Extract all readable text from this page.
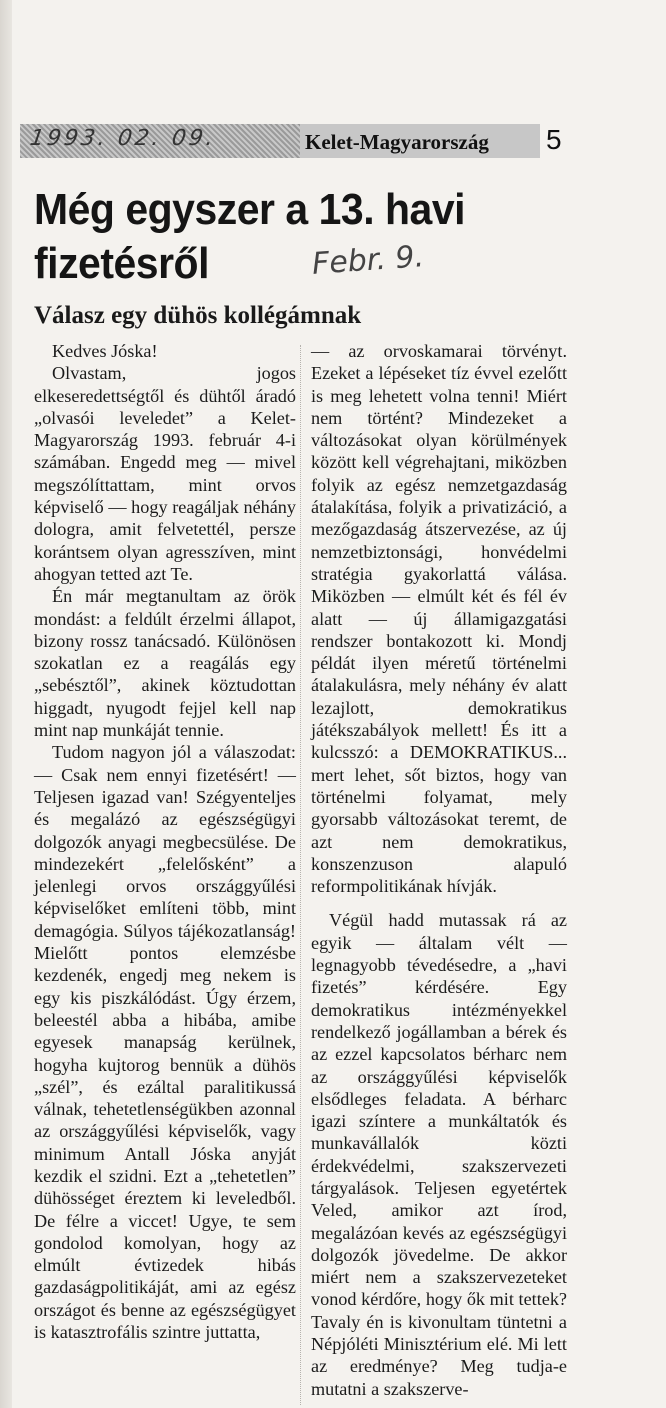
1993. 02. 09.	Kelet-Magyarország 5
Még egyszer a 13. havi
fizetésről	Febr. 9.
Válasz egy dühös kollégámnak

Kedves Jóska!

Olvastam, jogos elkeseredettségtől és dühtől áradó „olvasói leveledet” a Kelet-Magyarország 1993. február 4-i számában. Engedd meg — mivel megszólíttattam, mint orvos képviselő — hogy reagáljak néhány dologra, amit felvetettél, persze korántsem olyan agresszíven, mint ahogyan tetted azt Te.

Én már megtanultam az örök mondást: a feldúlt érzelmi állapot, bizony rossz tanácsadó. Különösen szokatlan ez a reagálás egy „sebésztől”, akinek köztudottan higgadt, nyugodt fejjel kell nap mint nap munkáját tennie.

Tudom nagyon jól a válaszodat: — Csak nem ennyi fizetésért! — Teljesen igazad van! Szégyenteljes és megalázó az egészségügyi dolgozók anyagi megbecsülése. De mindezekért „felelősként” a jelenlegi orvos országgyűlési képviselőket említeni több, mint demagógia. Súlyos tájékozatlanság! Mielőtt pontos elemzésbe kezdenék, engedj meg nekem is egy kis piszkálódást. Úgy érzem, beleestél abba a hibába, amibe egyesek manapság kerülnek, hogyha kujtorog bennük a dühös „szél”, és ezáltal paralitikussá válnak, tehetetlenségükben azonnal az országgyűlési képviselők, vagy minimum Antall Jóska anyját kezdik el szidni. Ezt a „tehetetlen” dühösséget éreztem ki leveledből. De félre a viccet! Ugye, te sem gondolod komolyan, hogy az elmúlt évtizedek hibás gazdaságpolitikáját, ami az egész országot és benne az egészségügyet is katasztrofális szintre juttatta,

— az orvoskamarai törvényt. Ezeket a lépéseket tíz évvel ezelőtt is meg lehetett volna tenni! Miért nem történt? Mindezeket a változásokat olyan körülmények között kell végrehajtani, miközben folyik az egész nemzetgazdaság átalakítása, folyik a privatizáció, a mezőgazdaság átszervezése, az új nemzetbiztonsági, honvédelmi stratégia gyakorlattá válása. Miközben — elmúlt két és fél év alatt — új államigazgatási rendszer bontakozott ki. Mondj példát ilyen méretű történelmi átalakulásra, mely néhány év alatt lezajlott, demokratikus játékszabályok mellett! És itt a kulcsszó: a DEMOKRATIKUS... mert lehet, sőt biztos, hogy van történelmi folyamat, mely gyorsabb változásokat teremt, de azt nem demokratikus, konszenzuson alapuló reformpolitikának hívják.

Végül hadd mutassak rá az egyik — általam vélt — legnagyobb tévedésedre, a „havi fizetés” kérdésére. Egy demokratikus intézményekkel rendelkező jogállamban a bérek és az ezzel kapcsolatos bérharc nem az országgyűlési képviselők elsődleges feladata. A bérharc igazi színtere a munkáltatók és munkavállalók közti érdekvédelmi, szakszervezeti tárgyalások. Teljesen egyetértek Veled, amikor azt írod, megalázóan kevés az egészségügyi dolgozók jövedelme. De akkor miért nem a szakszervezeteket vonod kérdőre, hogy ők mit tettek? Tavaly én is kivonultam tüntetni a Népjóléti Minisztérium elé. Mi lett az eredménye? Meg tudja-e mutatni a szakszerve-
